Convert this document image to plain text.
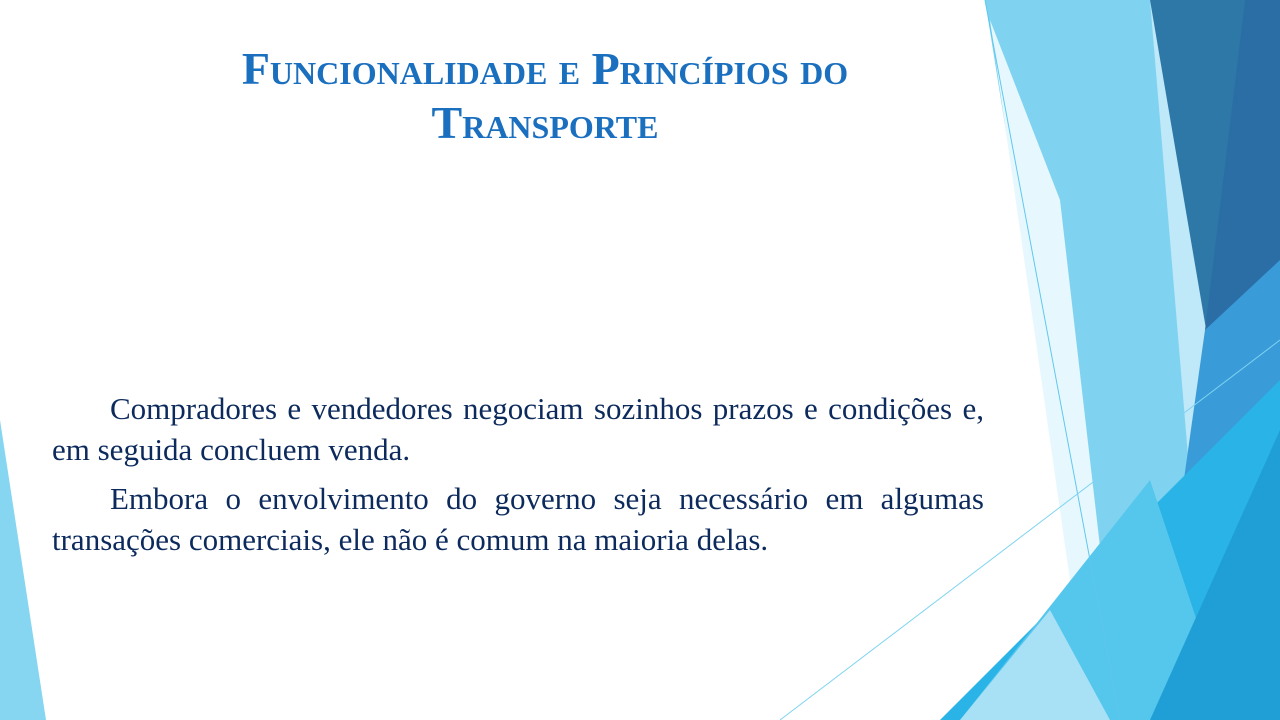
Funcionalidade e Princípios do
Transporte

Compradores e vendedores negociam sozinhos prazos e condições e, em seguida concluem venda.

Embora o envolvimento do governo seja necessário em algumas transações comerciais, ele não é comum na maioria delas.
